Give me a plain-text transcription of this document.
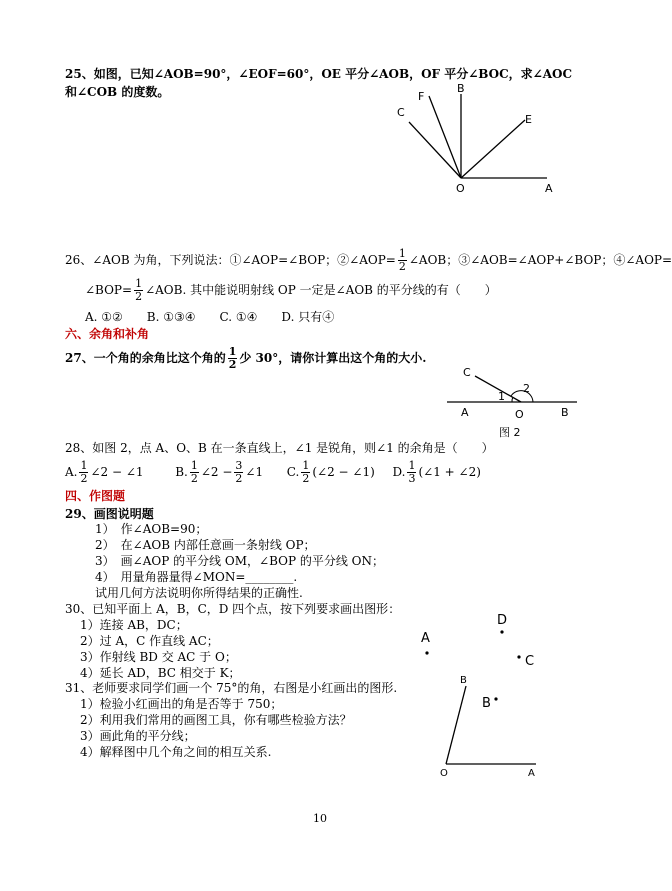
25、如图，已知∠AOB=90°，∠EOF=60°，OE 平分∠AOB，OF 平分∠BOC，求∠AOC
和∠COB 的度数。	B
F
C
E
O	A
26、∠AOB 为角，下列说法：①∠AOP=∠BOP；②∠AOP= $\frac{1}{2}$ ∠AOB；③∠AOB=∠AOP+∠BOP；④∠AOP=
∠BOP= $\frac{1}{2}$ ∠AOB. 其中能说明射线 OP 一定是∠AOB 的平分线的有（　　）
A. ①②　　B. ①③④　　C. ①④　　D. 只有④
六、余角和补角
27、一个角的余角比这个角的 $\frac{1}{2}$ 少 30°，请你计算出这个角的大小.
C
2
1
A	O	B
图 2
28、如图 2，点 A、O、B 在一条直线上，∠1 是锐角，则∠1 的余角是（　　）
A. $\frac{1}{2}$ ∠2 − ∠1	B. $\frac{1}{2}$ ∠2 − $\frac{3}{2}$ ∠1 C. $\frac{1}{2}$ (∠2 − ∠1) D. $\frac{1}{3}$ (∠1 + ∠2)
四、作图题
29、画图说明题
1）　作∠AOB=90；
2）　在∠AOB 内部任意画一条射线 OP；
3）　画∠AOP 的平分线 OM，∠BOP 的平分线 ON；
4）　用量角器量得∠MON=________.
试用几何方法说明你所得结果的正确性.
30、已知平面上 A，B，C，D 四个点，按下列要求画出图形：
1）连接 AB，DC；
2）过 A，C 作直线 AC；
3）作射线 BD 交 AC 于 O；
4）延长 AD，BC 相交于 K；
A
D
C
31、老师要求同学们画一个 75°的角，右图是小红画出的图形.
1）检验小红画出的角是否等于 750；
2）利用我们常用的画图工具，你有哪些检验方法？
3）画此角的平分线；
4）解释图中几个角之间的相互关系.
B
B
O	A
10
